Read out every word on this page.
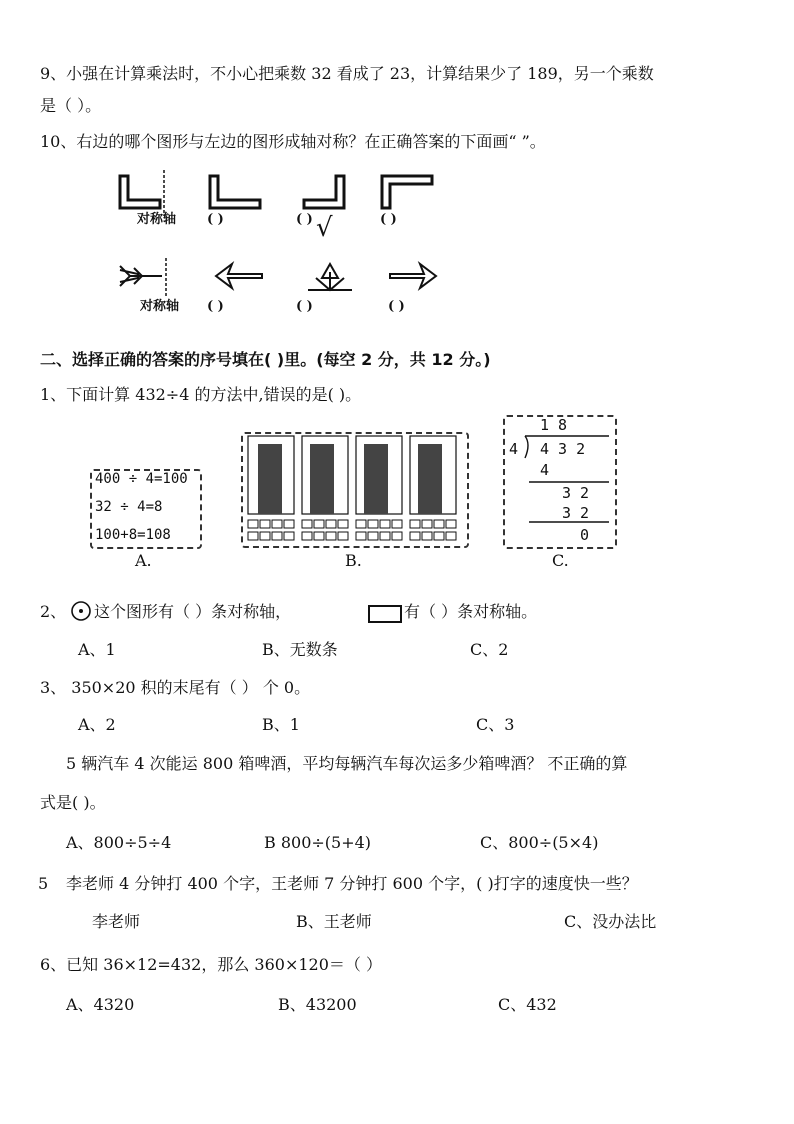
9、小强在计算乘法时，不小心把乘数 32 看成了 23，计算结果少了 189，另一个乘数
是（ ）。
10、右边的哪个图形与左边的图形成轴对称？在正确答案的下面画“ ”。
对称轴 ( )	( ) √	( )
对称轴 ( )	( )	( )
二、选择正确的答案的序号填在( )里。(每空 2 分，共 12 分。)
1、下面计算 432÷4 的方法中,错误的是( )。
400 ÷ 4=100
32 ÷ 4=8
100+8=108
A.	B.
1 8
4 4 3 2
4
3 2
3 2
0
C.
2、 这个图形有（ ）条对称轴，	有（ ）条对称轴。
A、1	B、无数条	C、2
3、 350×20 积的末尾有（ ） 个 0。
A、2	B、1	C、3
5 辆汽车 4 次能运 800 箱啤酒，平均每辆汽车每次运多少箱啤酒？ 不正确的算
式是( )。
A、800÷5÷4	B 800÷(5+4)	C、800÷(5×4)
5 李老师 4 分钟打 400 个字，王老师 7 分钟打 600 个字，( )打字的速度快一些？
李老师	B、王老师	C、没办法比
6、已知 36×12=432，那么 360×120＝（ ）
A、4320	B、43200	C、432
